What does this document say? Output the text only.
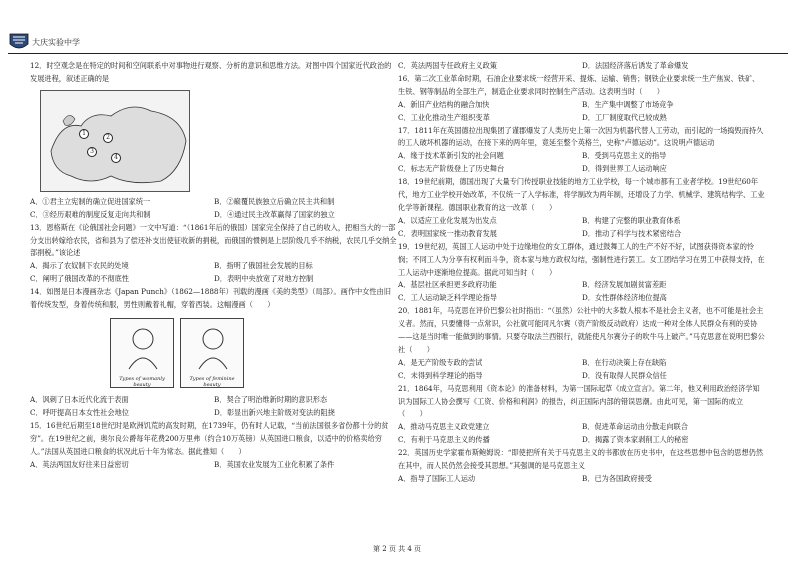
大庆实验中学
12．时空观念是在特定的时间和空间联系中对事物进行观察、分析的意识和思维方法。对图中四个国家近代政治的发展进程，叙述正确的是
1
2
3
4
A．①君主立宪制的确立促进国家统一	B．②巅覆民族独立后确立民主共和制
C．③经历艰难的制度反复走向共和制	D．④通过民主改革赢得了国家的独立
13．恩格斯在《论俄国社会问题》一文中写道：“（1861年后的俄国）国家完全保持了自己的收入，把相当大的一部分支出转嫁给农民，省和县为了偿还补支出使征收新的捐税，而俄国的惯例是上层阶级几乎不纳税，农民几乎交纳全部捐税。”该论述
A．揭示了农奴制下农民的处境	B．指明了俄国社会发展的目标
C．阐明了俄国改革的不彻底性	D．表明中央放宽了对地方控制
14．如图是日本漫画杂志《Japan Punch》（1862—1888年）刊载的漫画《美的类型》（局部）。画作中女性由旧着传统发型，身着传统和服，男性则戴着礼帽，穿着西装。这幅漫画（　　）
Types of womanly beauty
Types of feminine beauty
A．讽刺了日本近代化流于表面	B．契合了明治维新时期的意识形态
C．呼吁提高日本女性社会地位	D．彰显出新兴地主阶级对变法的阻挠
15．16世纪后期至18世纪时是欧洲饥荒的高发时期，在1739年，仍有时人记载，“当前法国很多省份都十分的贫穷”。在19世纪之前，奥尔良公爵每年花费200万里弗（约合10万英镑）从英国进口粮食，以适中的价格卖给穷人。”法国从英国进口粮食的状况此后十年为常态。据此推知（　　）
A．英法两国友好往来日益密切	B．英国农业发展为工业化积累了条件
C．英法两国专任政府主义政策	D．法国经济落后诱发了革命爆发
16．第二次工业革命时期，石油企业要求统一经营开采、提炼、运输、销售；钢铁企业要求统一生产焦炭、铁矿、生铁、钢等制品的全部生产，制造企业要求同时控制生产活动。这表明当时（　　）
A．新旧产业结构的融合加快	B．生产集中调整了市场竞争
C．工业化推动生产组织变革	D．工厂制度取代已较成熟
17．1811年在英国德拉出现集团了谨郡爆发了人类历史上第一次因为机器代替人工劳动，而引起的一场捣毁而持久的工人破坏机器的运动，在接下来的两年里，竟延至整个英格兰，史称“卢德运动”。这说明卢德运动
A．缘于技术革新引发的社会问题	B．受到马克思主义的指导
C．标志无产阶级登上了历史舞台	D．得到世界工人运动响应
18．19世纪前期，德国出现了大量专门传授职业技能的地方工业学校，每一个城市都有工业者学校。19世纪60年代，地方工业学校开始改革，不仅统一了入学标准，将学制改为两年制，还增设了力学、机械学、建筑结构学、工业化学等新课程。德国职业教育的这一改革（　　）
A．以适应工业化发展为出发点	B．构建了完整的职业教育体系
C．表明国家统一推动教育发展	D．推动了科学与技术紧密结合
19．19世纪初，英国工人运动中处于边缘地位的女工群体，通过鼓舞工人的生产不好不好，试图获得资本家的怜悯；不同工人为分享有权利而斗争，资本家与地方政权勾结，强制性进行罢工。女工团结学习在男工中获得支持，在工人运动中逐渐地位提高。据此可知当时（　　）
A．基层社区承担更多政府功能	B．经济发展加剧贫富差距
C．工人运动缺乏科学理论指导	D．女性群体经济地位提高
20．1881年，马克思在评价巴黎公社时指出：“（虽然）公社中的大多数人根本不是社会主义者，也不可能是社会主义者。然而，只要懂得一点常识，公社就可能同凡尔赛（资产阶级反动政府）达成一种对全体人民群众有利的妥协——这是当时唯一能做到的事情。只要夺取法兰西银行，就能使凡尔赛分子的吹牛马上破产。”马克思意在说明巴黎公社（　　）
A．是无产阶级专政的尝试	B．在行动决策上存在缺陷
C．未得到科学理论的指导	D．没有取得人民群众信任
21．1864年，马克思利用《资本论》的准备材料，为第一国际起草《成立宣言》。第二年，他又利用政治经济学知识为国际工人协会撰写《工资、价格和利润》的报告，纠正国际内部的错误思潮。由此可见，第一国际的成立（　　）
A．推动马克思主义政党建立	B．促进革命运动由分散走向联合
C．有利于马克思主义的传播	D．揭露了资本家剥削工人的秘密
22．英国历史学家霍布斯鲍姆说：“即使把所有关于马克思主义的书都放在历史书中，在这些思想中包含的思想仍然在其中，而人民仍然会接受其思想。”其强调的是马克思主义
A．指导了国际工人运动	B．已为各国政府接受
第 2 页 共 4 页
